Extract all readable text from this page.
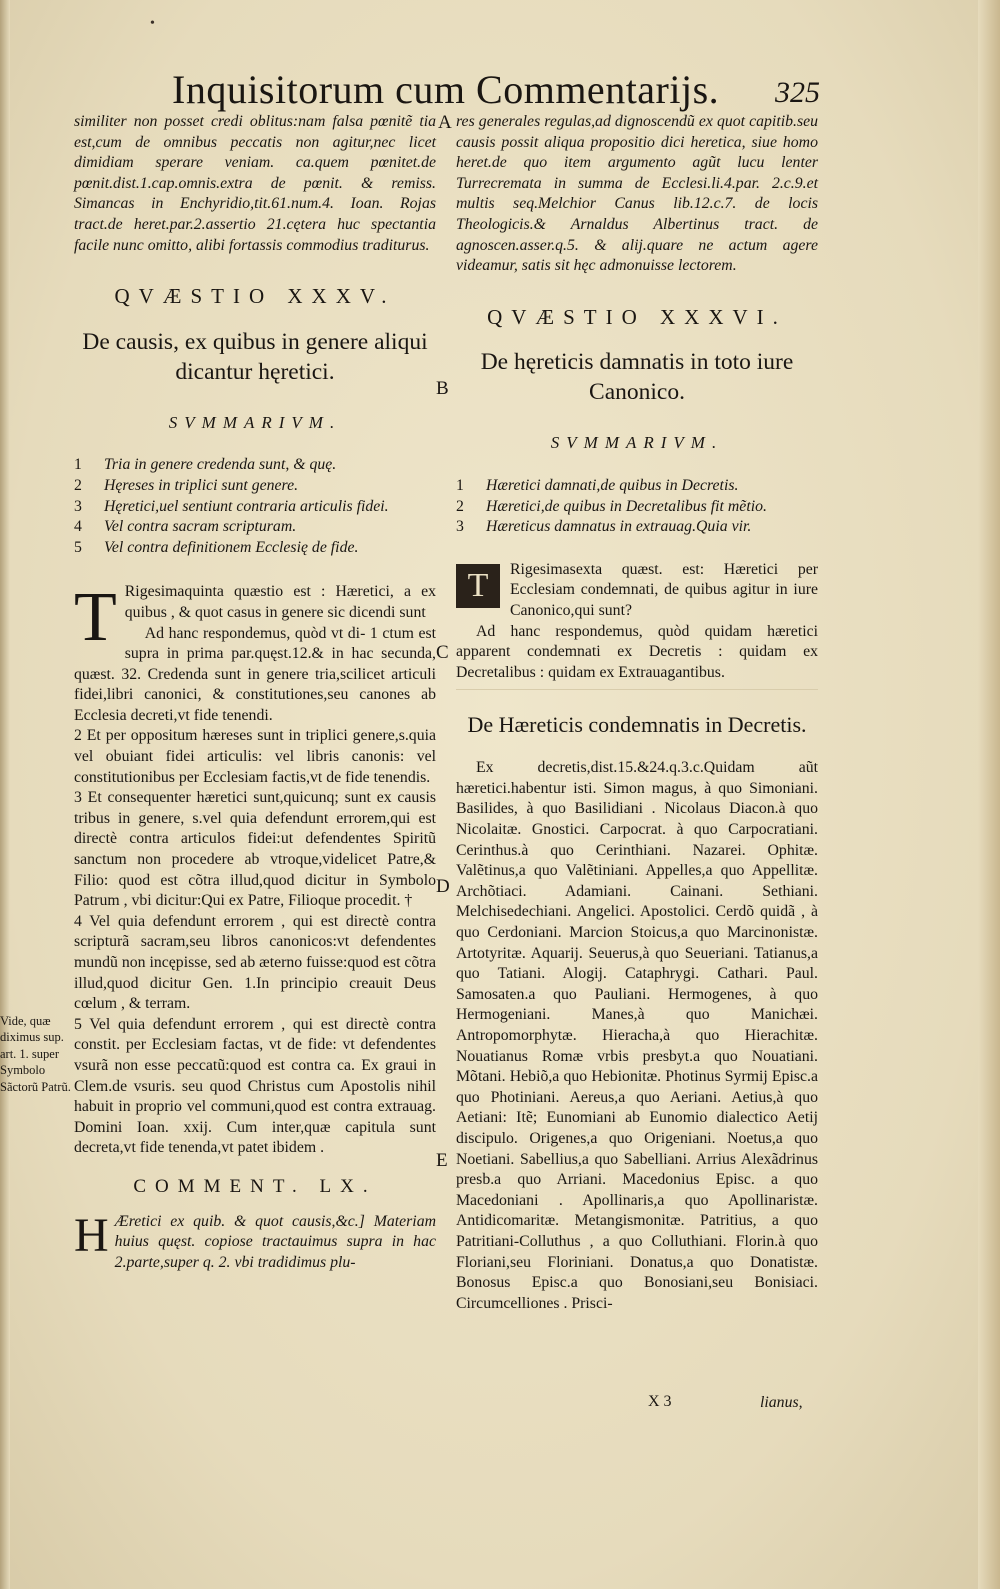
•
Inquisitorum cum Commentarijs.	325

similiter non posset credi oblitus:nam falsa pœnitẽ tia est,cum de omnibus peccatis non agitur,nec licet dimidiam sperare veniam. ca.quem pœnitet.de pœnit.dist.1.cap.omnis.extra de pœnit. & remiss. Simancas in Enchyridio,tit.61.num.4. Ioan. Rojas tract.de heret.par.2.assertio 21.cętera huc spectantia facile nunc omitto, alibi fortassis commodius traditurus.

QVÆSTIO XXXV.
De causis, ex quibus in genere aliqui dicantur hęretici.
SVMMARIVM.
1	Tria in genere credenda sunt, & quę.
2	Hęreses in triplici sunt genere.
3	Hęretici,uel sentiunt contraria articulis fidei.
4	Vel contra sacram scripturam.
5	Vel contra definitionem Ecclesię de fide.
T Rigesimaquinta quæstio est : Hæretici, a ex quibus , & quot casus in genere sic dicendi sunt

Ad hanc respondemus, quòd vt di- 1 ctum est supra in prima par.quęst.12.& in hac secunda, quæst. 32. Credenda sunt in genere tria,scilicet articuli fidei,libri canonici, & constitutiones,seu canones ab Ecclesia decreti,vt fide tenendi.

2 Et per oppositum hæreses sunt in triplici genere,s.quia vel obuiant fidei articulis: vel libris canonis: vel constitutionibus per Ecclesiam factis,vt de fide tenendis.

3 Et consequenter hæretici sunt,quicunq; sunt ex causis tribus in genere, s.vel quia defendunt errorem,qui est directè contra articulos fidei:ut defendentes Spiritũ sanctum non procedere ab vtroque,videlicet Patre,& Filio: quod est cõtra illud,quod dicitur in Symbolo Patrum , vbi dicitur:Qui ex Patre, Filioque procedit. †

4 Vel quia defendunt errorem , qui est directè contra scripturã sacram,seu libros canonicos:vt defendentes mundũ non incępisse, sed ab æterno fuisse:quod est cõtra illud,quod dicitur Gen. 1.In principio creauit Deus cœlum , & terram.

5 Vel quia defendunt errorem , qui est directè contra constit. per Ecclesiam factas, vt de fide: vt defendentes vsurã non esse peccatũ:quod est contra ca. Ex graui in Clem.de vsuris. seu quod Christus cum Apostolis nihil habuit in proprio vel communi,quod est contra extrauag. Domini Ioan. xxij. Cum inter,quæ capitula sunt decreta,vt fide tenenda,vt patet ibidem .

COMMENT. LX.
H Æretici ex quib. & quot causis,&c.] Materiam huius quęst. copiose tractauimus supra in hac 2.parte,super q. 2. vbi tradidimus plu-

res generales regulas,ad dignoscendũ ex quot capitib.seu causis possit aliqua propositio dici heretica, siue homo heret.de quo item argumento agũt lucu lenter Turrecremata in summa de Ecclesi.li.4.par. 2.c.9.et multis seq.Melchior Canus lib.12.c.7. de locis Theologicis.& Arnaldus Albertinus tract. de agnoscen.asser.q.5. & alij.quare ne actum agere videamur, satis sit hęc admonuisse lectorem.

QVÆSTIO XXXVI.
De hęreticis damnatis in toto iure Canonico.
SVMMARIVM.
1	Hæretici damnati,de quibus in Decretis.
2	Hæretici,de quibus in Decretalibus fit mẽtio.
3	Hæreticus damnatus in extrauag.Quia vir.
T	Rigesimasexta quæst. est: Hæretici per Ecclesiam condemnati, de quibus agitur in iure Canonico,qui sunt?

Ad hanc respondemus, quòd quidam hæretici apparent condemnati ex Decretis : quidam ex Decretalibus : quidam ex Extrauagantibus.

De Hæreticis condemnatis in Decretis.

Ex decretis,dist.15.&24.q.3.c.Quidam aũt hæretici.habentur isti. Simon magus, à quo Simoniani. Basilides, à quo Basilidiani . Nicolaus Diacon.à quo Nicolaitæ. Gnostici. Carpocrat. à quo Carpocratiani. Cerinthus.à quo Cerinthiani. Nazarei. Ophitæ. Valẽtinus,a quo Valẽtiniani. Appelles,a quo Appellitæ. Archõtiaci. Adamiani. Cainani. Sethiani. Melchisedechiani. Angelici. Apostolici. Cerdõ quidã , à quo Cerdoniani. Marcion Stoicus,a quo Marcinonistæ. Artotyritæ. Aquarij. Seuerus,à quo Seueriani. Tatianus,a quo Tatiani. Alogij. Cataphrygi. Cathari. Paul. Samosaten.a quo Pauliani. Hermogenes, à quo Hermogeniani. Manes,à quo Manichæi. Antropomorphytæ. Hieracha,à quo Hierachitæ. Nouatianus Romæ vrbis presbyt.a quo Nouatiani. Mõtani. Hebiõ,a quo Hebionitæ. Photinus Syrmij Episc.a quo Photiniani. Aereus,a quo Aeriani. Aetius,à quo Aetiani: Itẽ; Eunomiani ab Eunomio dialectico Aetij discipulo. Origenes,a quo Origeniani. Noetus,a quo Noetiani. Sabellius,a quo Sabelliani. Arrius Alexãdrinus presb.a quo Arriani. Macedonius Episc. a quo Macedoniani . Apollinaris,a quo Apollinaristæ. Antidicomaritæ. Metangismonitæ. Patritius, a quo Patritiani-Colluthus , a quo Colluthiani. Florin.à quo Floriani,seu Floriniani. Donatus,a quo Donatistæ. Bonosus Episc.a quo Bonosiani,seu Bonisiaci. Circumcelliones . Prisci-

A
B
C
D
E
Vide, quæ diximus sup. art. 1. super Symbolo Sãctorũ Patrũ.
X 3	lianus,
